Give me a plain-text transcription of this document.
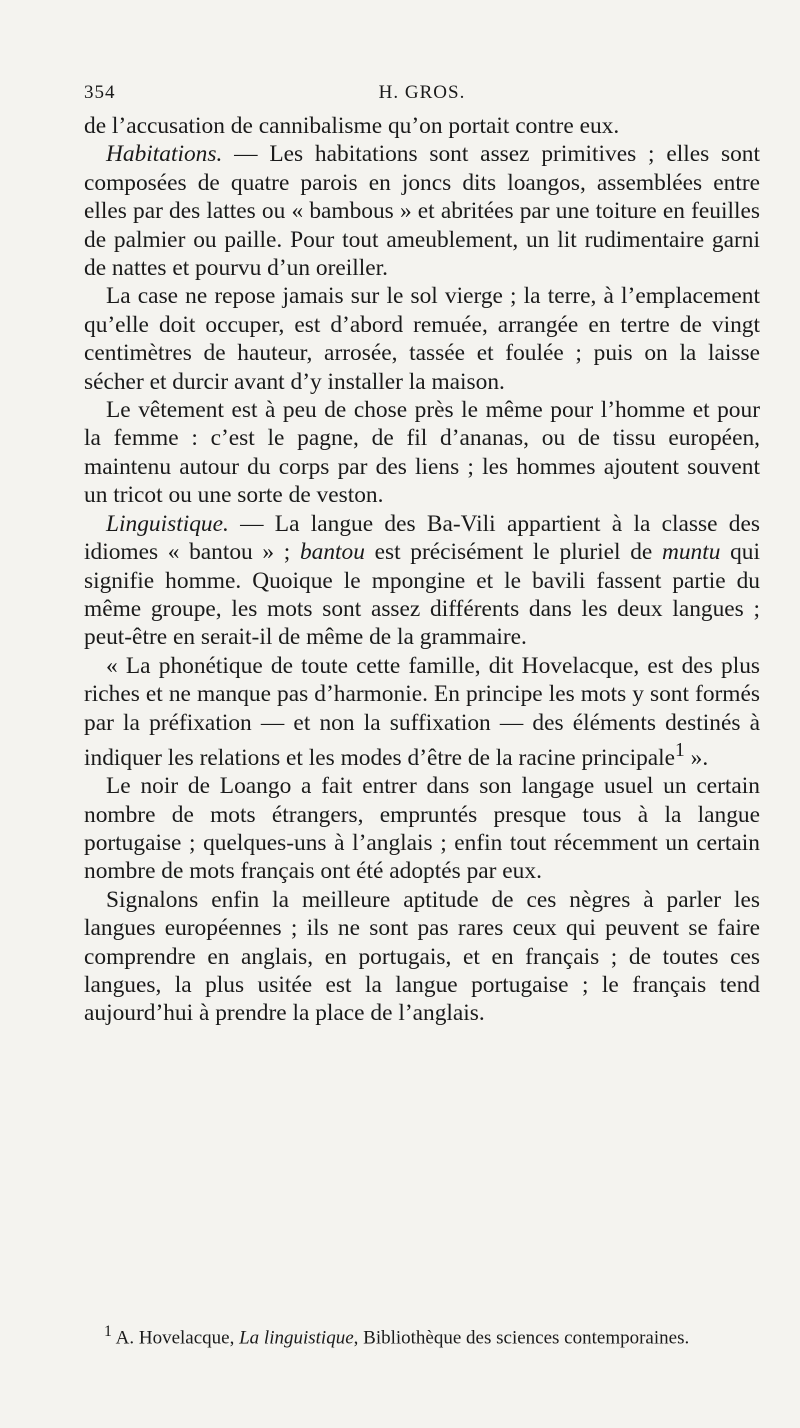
354	H. GROS.

de l’accusation de cannibalisme qu’on portait contre eux.

Habitations. — Les habitations sont assez primitives ; elles sont composées de quatre parois en joncs dits loangos, assemblées entre elles par des lattes ou « bambous » et abritées par une toiture en feuilles de palmier ou paille. Pour tout ameublement, un lit rudimentaire garni de nattes et pourvu d’un oreiller.

La case ne repose jamais sur le sol vierge ; la terre, à l’emplacement qu’elle doit occuper, est d’abord remuée, arrangée en tertre de vingt centimètres de hauteur, arrosée, tassée et foulée ; puis on la laisse sécher et durcir avant d’y installer la maison.

Le vêtement est à peu de chose près le même pour l’homme et pour la femme : c’est le pagne, de fil d’ananas, ou de tissu européen, maintenu autour du corps par des liens ; les hommes ajoutent souvent un tricot ou une sorte de veston.

Linguistique. — La langue des Ba-Vili appartient à la classe des idiomes « bantou » ; bantou est précisément le pluriel de muntu qui signifie homme. Quoique le mpongine et le bavili fassent partie du même groupe, les mots sont assez différents dans les deux langues ; peut-être en serait-il de même de la grammaire.

« La phonétique de toute cette famille, dit Hovelacque, est des plus riches et ne manque pas d’harmonie. En principe les mots y sont formés par la préfixation — et non la suffixation — des éléments destinés à indiquer les relations et les modes d’être de la racine principale$^1$ ».

Le noir de Loango a fait entrer dans son langage usuel un certain nombre de mots étrangers, empruntés presque tous à la langue portugaise ; quelques-uns à l’anglais ; enfin tout récemment un certain nombre de mots français ont été adoptés par eux.

Signalons enfin la meilleure aptitude de ces nègres à parler les langues européennes ; ils ne sont pas rares ceux qui peuvent se faire comprendre en anglais, en portugais, et en français ; de toutes ces langues, la plus usitée est la langue portugaise ; le français tend aujourd’hui à prendre la place de l’anglais.

$^1$ A. Hovelacque, La linguistique, Bibliothèque des sciences contemporaines.
